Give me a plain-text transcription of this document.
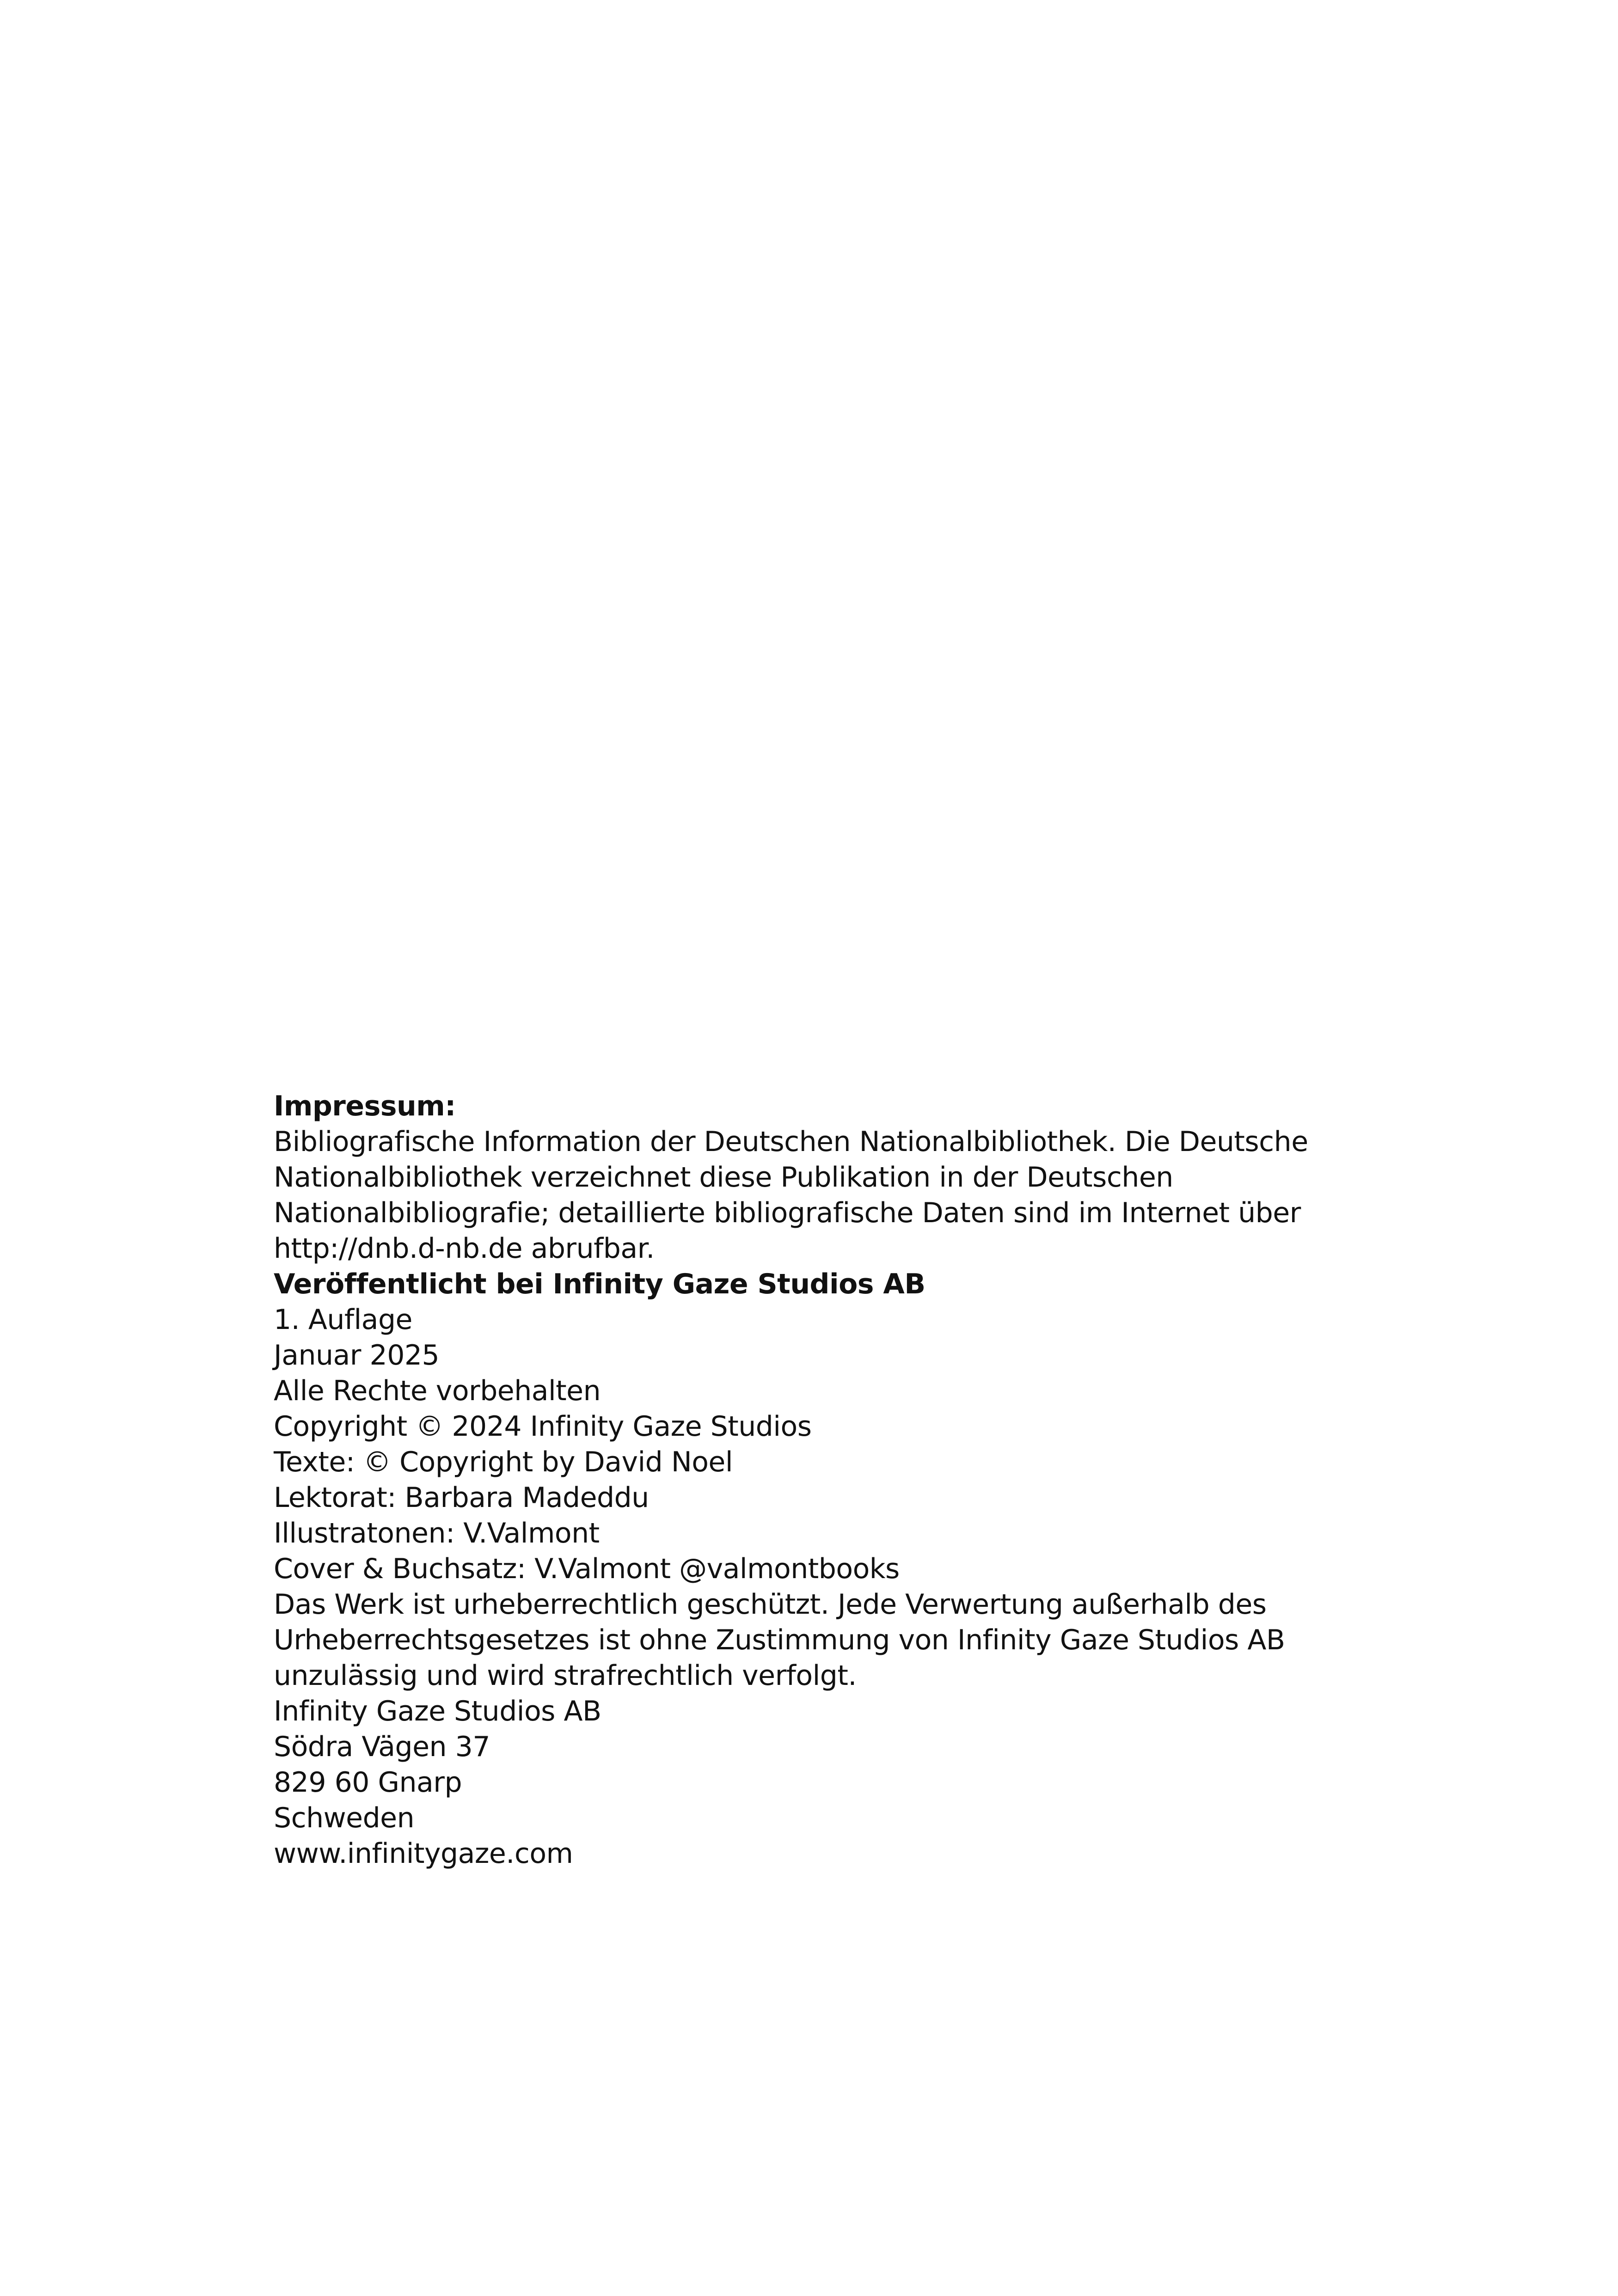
Impressum:
Bibliografische Information der Deutschen Nationalbibliothek. Die Deutsche
Nationalbibliothek verzeichnet diese Publikation in der Deutschen
Nationalbibliografie; detaillierte bibliografische Daten sind im Internet über
http://dnb.d-nb.de abrufbar.
Veröffentlicht bei Infinity Gaze Studios AB
1. Auflage
Januar 2025
Alle Rechte vorbehalten
Copyright © 2024 Infinity Gaze Studios
Texte: © Copyright by David Noel
Lektorat: Barbara Madeddu
Illustratonen: V.Valmont
Cover & Buchsatz: V.Valmont @valmontbooks
Das Werk ist urheberrechtlich geschützt. Jede Verwertung außerhalb des
Urheberrechtsgesetzes ist ohne Zustimmung von Infinity Gaze Studios AB
unzulässig und wird strafrechtlich verfolgt.
Infinity Gaze Studios AB
Södra Vägen 37
829 60 Gnarp
Schweden
www.infinitygaze.com
